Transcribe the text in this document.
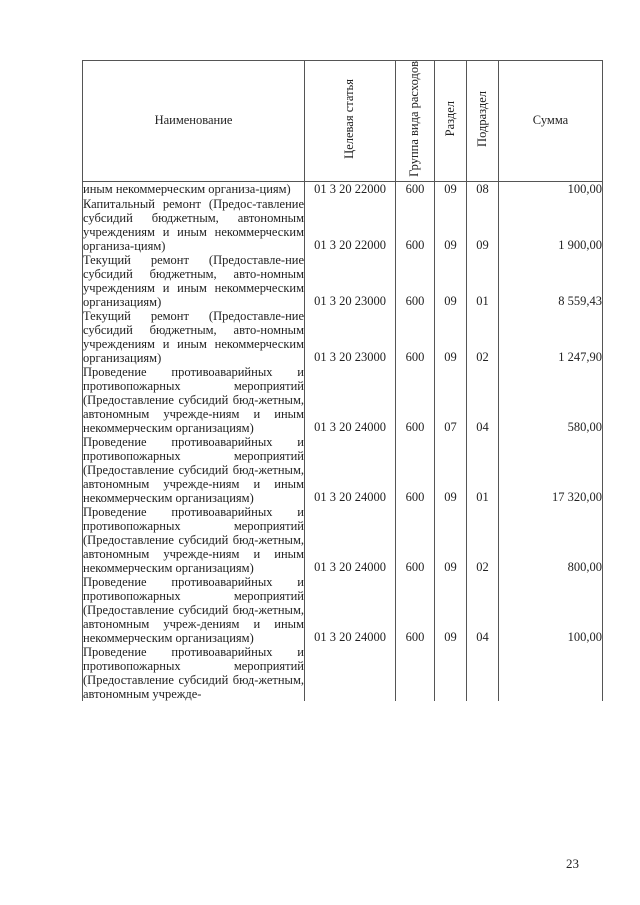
Наименование	Целевая статья	Группа вида расходов	Раздел	Подраздел	Сумма
иным некоммерческим организа-циям)	01 3 20 22000	600	09	08	100,00
Капитальный ремонт (Предос-тавление субсидий бюджетным, автономным учреждениям и иным некоммерческим организа-циям)	01 3 20 22000	600	09	09	1 900,00
Текущий ремонт (Предоставле-ние субсидий бюджетным, авто-номным учреждениям и иным некоммерческим организациям)	01 3 20 23000	600	09	01	8 559,43
Текущий ремонт (Предоставле-ние субсидий бюджетным, авто-номным учреждениям и иным некоммерческим организациям)	01 3 20 23000	600	09	02	1 247,90
Проведение противоаварийных и противопожарных мероприятий (Предоставление субсидий бюд-жетным, автономным учрежде-ниям и иным некоммерческим организациям)	01 3 20 24000	600	07	04	580,00
Проведение противоаварийных и противопожарных мероприятий (Предоставление субсидий бюд-жетным, автономным учрежде-ниям и иным некоммерческим организациям)	01 3 20 24000	600	09	01	17 320,00
Проведение противоаварийных и противопожарных мероприятий (Предоставление субсидий бюд-жетным, автономным учрежде-ниям и иным некоммерческим организациям)	01 3 20 24000	600	09	02	800,00
Проведение противоаварийных и противопожарных мероприятий (Предоставление субсидий бюд-жетным, автономным учреж-дениям и иным некоммерческим организациям)	01 3 20 24000	600	09	04	100,00
Проведение противоаварийных и противопожарных мероприятий (Предоставление субсидий бюд-жетным, автономным учрежде-					
23
